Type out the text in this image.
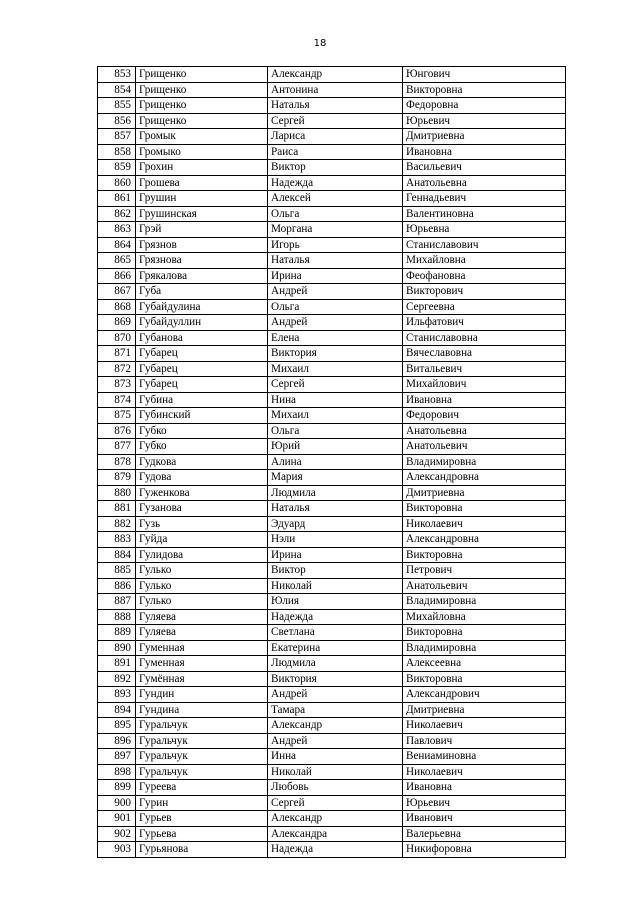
18
853	Грищенко	Александр	Юнгович
854	Грищенко	Антонина	Викторовна
855	Грищенко	Наталья	Федоровна
856	Грищенко	Сергей	Юрьевич
857	Громык	Лариса	Дмитриевна
858	Громыко	Раиса	Ивановна
859	Грохин	Виктор	Васильевич
860	Грошева	Надежда	Анатольевна
861	Грушин	Алексей	Геннадьевич
862	Грушинская	Ольга	Валентиновна
863	Грэй	Моргана	Юрьевна
864	Грязнов	Игорь	Станиславович
865	Грязнова	Наталья	Михайловна
866	Грякалова	Ирина	Феофановна
867	Губа	Андрей	Викторович
868	Губайдулина	Ольга	Сергеевна
869	Губайдуллин	Андрей	Ильфатович
870	Губанова	Елена	Станиславовна
871	Губарец	Виктория	Вячеславовна
872	Губарец	Михаил	Витальевич
873	Губарец	Сергей	Михайлович
874	Губина	Нина	Ивановна
875	Губинский	Михаил	Федорович
876	Губко	Ольга	Анатольевна
877	Губко	Юрий	Анатольевич
878	Гудкова	Алина	Владимировна
879	Гудова	Мария	Александровна
880	Гуженкова	Людмила	Дмитриевна
881	Гузанова	Наталья	Викторовна
882	Гузь	Эдуард	Николаевич
883	Гуйда	Нэли	Александровна
884	Гулидова	Ирина	Викторовна
885	Гулько	Виктор	Петрович
886	Гулько	Николай	Анатольевич
887	Гулько	Юлия	Владимировна
888	Гуляева	Надежда	Михайловна
889	Гуляева	Светлана	Викторовна
890	Гуменная	Екатерина	Владимировна
891	Гуменная	Людмила	Алексеевна
892	Гумённая	Виктория	Викторовна
893	Гундин	Андрей	Александрович
894	Гундина	Тамара	Дмитриевна
895	Гуральчук	Александр	Николаевич
896	Гуральчук	Андрей	Павлович
897	Гуральчук	Инна	Вениаминовна
898	Гуральчук	Николай	Николаевич
899	Гуреева	Любовь	Ивановна
900	Гурин	Сергей	Юрьевич
901	Гурьев	Александр	Иванович
902	Гурьева	Александра	Валерьевна
903	Гурьянова	Надежда	Никифоровна
